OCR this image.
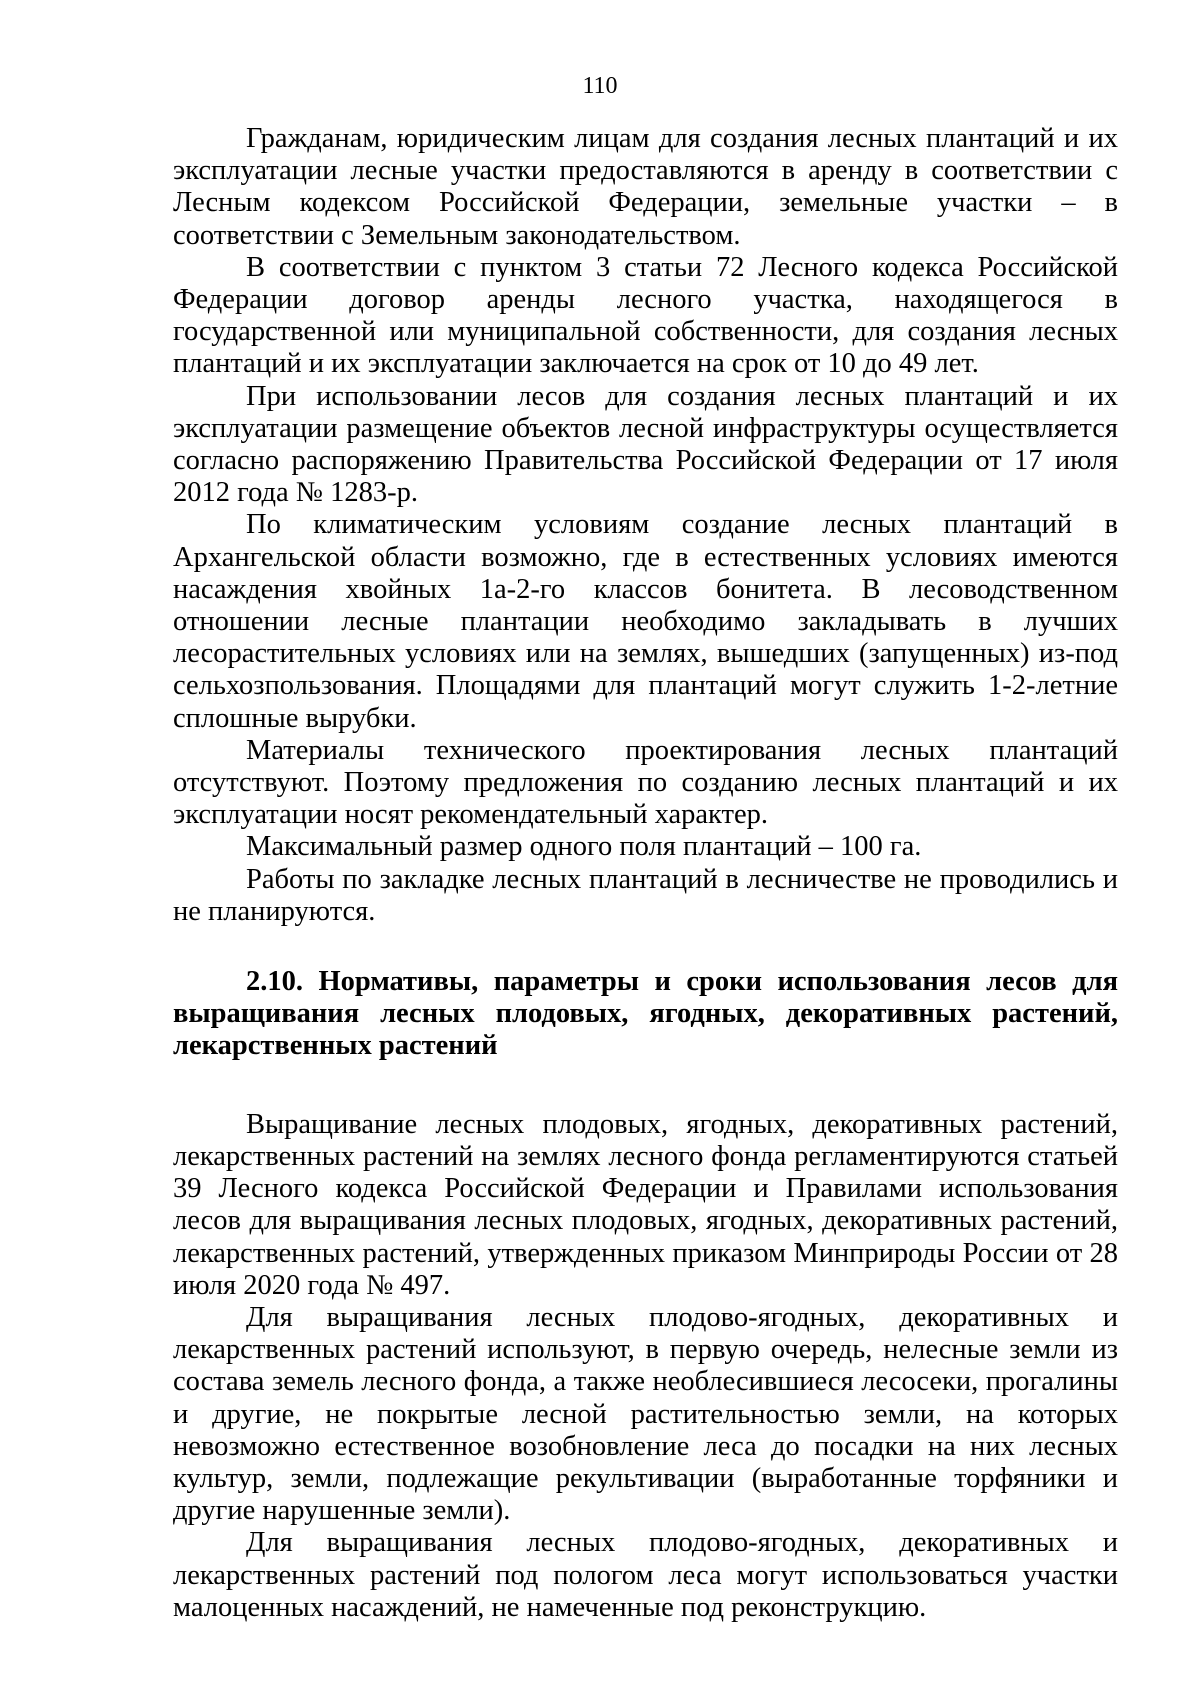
110

Гражданам, юридическим лицам для создания лесных плантаций и их эксплуатации лесные участки предоставляются в аренду в соответствии с Лесным кодексом Российской Федерации, земельные участки – в соответствии с Земельным законодательством.

В соответствии с пунктом 3 статьи 72 Лесного кодекса Российской Федерации договор аренды лесного участка, находящегося в государственной или муниципальной собственности, для создания лесных плантаций и их эксплуатации заключается на срок от 10 до 49 лет.

При использовании лесов для создания лесных плантаций и их эксплуатации размещение объектов лесной инфраструктуры осуществляется согласно распоряжению Правительства Российской Федерации от 17 июля 2012 года № 1283-р.

По климатическим условиям создание лесных плантаций в Архангельской области возможно, где в естественных условиях имеются насаждения хвойных 1а-2-го классов бонитета. В лесоводственном отношении лесные плантации необходимо закладывать в лучших лесорастительных условиях или на землях, вышедших (запущенных) из-под сельхозпользования. Площадями для плантаций могут служить 1-2-летние сплошные вырубки.

Материалы технического проектирования лесных плантаций отсутствуют. Поэтому предложения по созданию лесных плантаций и их эксплуатации носят рекомендательный характер.

Максимальный размер одного поля плантаций – 100 га.

Работы по закладке лесных плантаций в лесничестве не проводились и не планируются.

2.10. Нормативы, параметры и сроки использования лесов для выращивания лесных плодовых, ягодных, декоративных растений, лекарственных растений

Выращивание лесных плодовых, ягодных, декоративных растений, лекарственных растений на землях лесного фонда регламентируются статьей 39 Лесного кодекса Российской Федерации и Правилами использования лесов для выращивания лесных плодовых, ягодных, декоративных растений, лекарственных растений, утвержденных приказом Минприроды России от 28 июля 2020 года № 497.

Для выращивания лесных плодово-ягодных, декоративных и лекарственных растений используют, в первую очередь, нелесные земли из состава земель лесного фонда, а также необлесившиеся лесосеки, прогалины и другие, не покрытые лесной растительностью земли, на которых невозможно естественное возобновление леса до посадки на них лесных культур, земли, подлежащие рекультивации (выработанные торфяники и другие нарушенные земли).

Для выращивания лесных плодово-ягодных, декоративных и лекарственных растений под пологом леса могут использоваться участки малоценных насаждений, не намеченные под реконструкцию.
